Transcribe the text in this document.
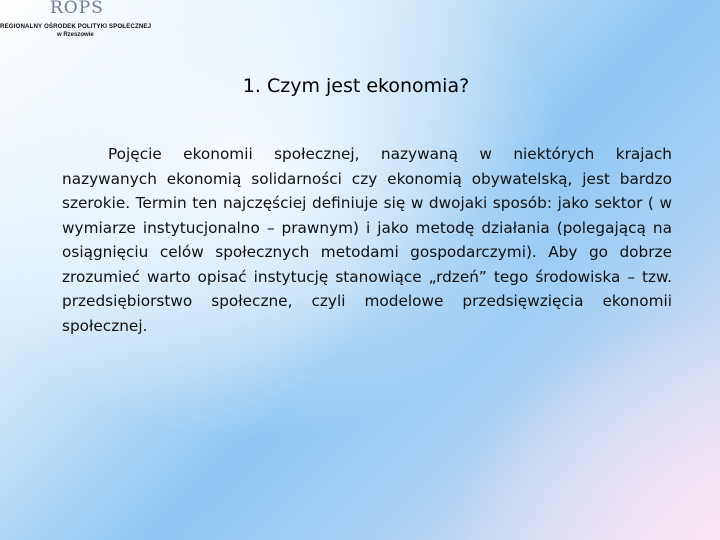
ROPS
REGIONALNY OŚRODEK POLITYKI SPOŁECZNEJ
w Rzeszowie
1. Czym jest ekonomia?

Pojęcie ekonomii społecznej, nazywaną w niektórych krajach nazywanych ekonomią solidarności czy ekonomią obywatelską, jest bardzo szerokie. Termin ten najczęściej definiuje się w dwojaki sposób: jako sektor ( w wymiarze instytucjonalno – prawnym) i jako metodę działania (polegającą na osiągnięciu celów społecznych metodami gospodarczymi). Aby go dobrze zrozumieć warto opisać instytucję stanowiące „rdzeń” tego środowiska – tzw. przedsiębiorstwo społeczne, czyli modelowe przedsięwzięcia ekonomii społecznej.
